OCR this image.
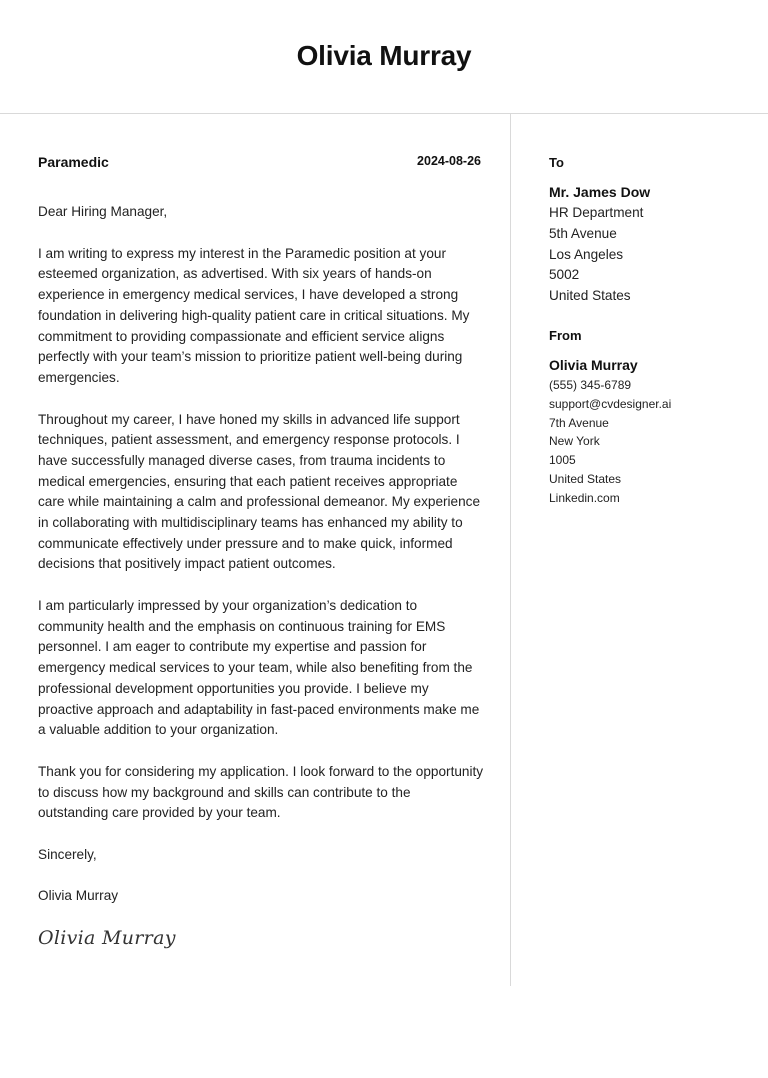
Olivia Murray
Paramedic	2024-08-26

Dear Hiring Manager,

I am writing to express my interest in the Paramedic position at your esteemed organization, as advertised. With six years of hands-on experience in emergency medical services, I have developed a strong foundation in delivering high-quality patient care in critical situations. My commitment to providing compassionate and efficient service aligns perfectly with your team’s mission to prioritize patient well-being during emergencies.

Throughout my career, I have honed my skills in advanced life support techniques, patient assessment, and emergency response protocols. I have successfully managed diverse cases, from trauma incidents to medical emergencies, ensuring that each patient receives appropriate care while maintaining a calm and professional demeanor. My experience in collaborating with multidisciplinary teams has enhanced my ability to communicate effectively under pressure and to make quick, informed decisions that positively impact patient outcomes.

I am particularly impressed by your organization’s dedication to community health and the emphasis on continuous training for EMS personnel. I am eager to contribute my expertise and passion for emergency medical services to your team, while also benefiting from the professional development opportunities you provide. I believe my proactive approach and adaptability in fast-paced environments make me a valuable addition to your organization.

Thank you for considering my application. I look forward to the opportunity to discuss how my background and skills can contribute to the outstanding care provided by your team.

Sincerely,

Olivia Murray

Olivia Murray
To
Mr. James Dow
HR Department
5th Avenue
Los Angeles
5002
United States
From
Olivia Murray
(555) 345-6789
support@cvdesigner.ai
7th Avenue
New York
1005
United States
Linkedin.com
